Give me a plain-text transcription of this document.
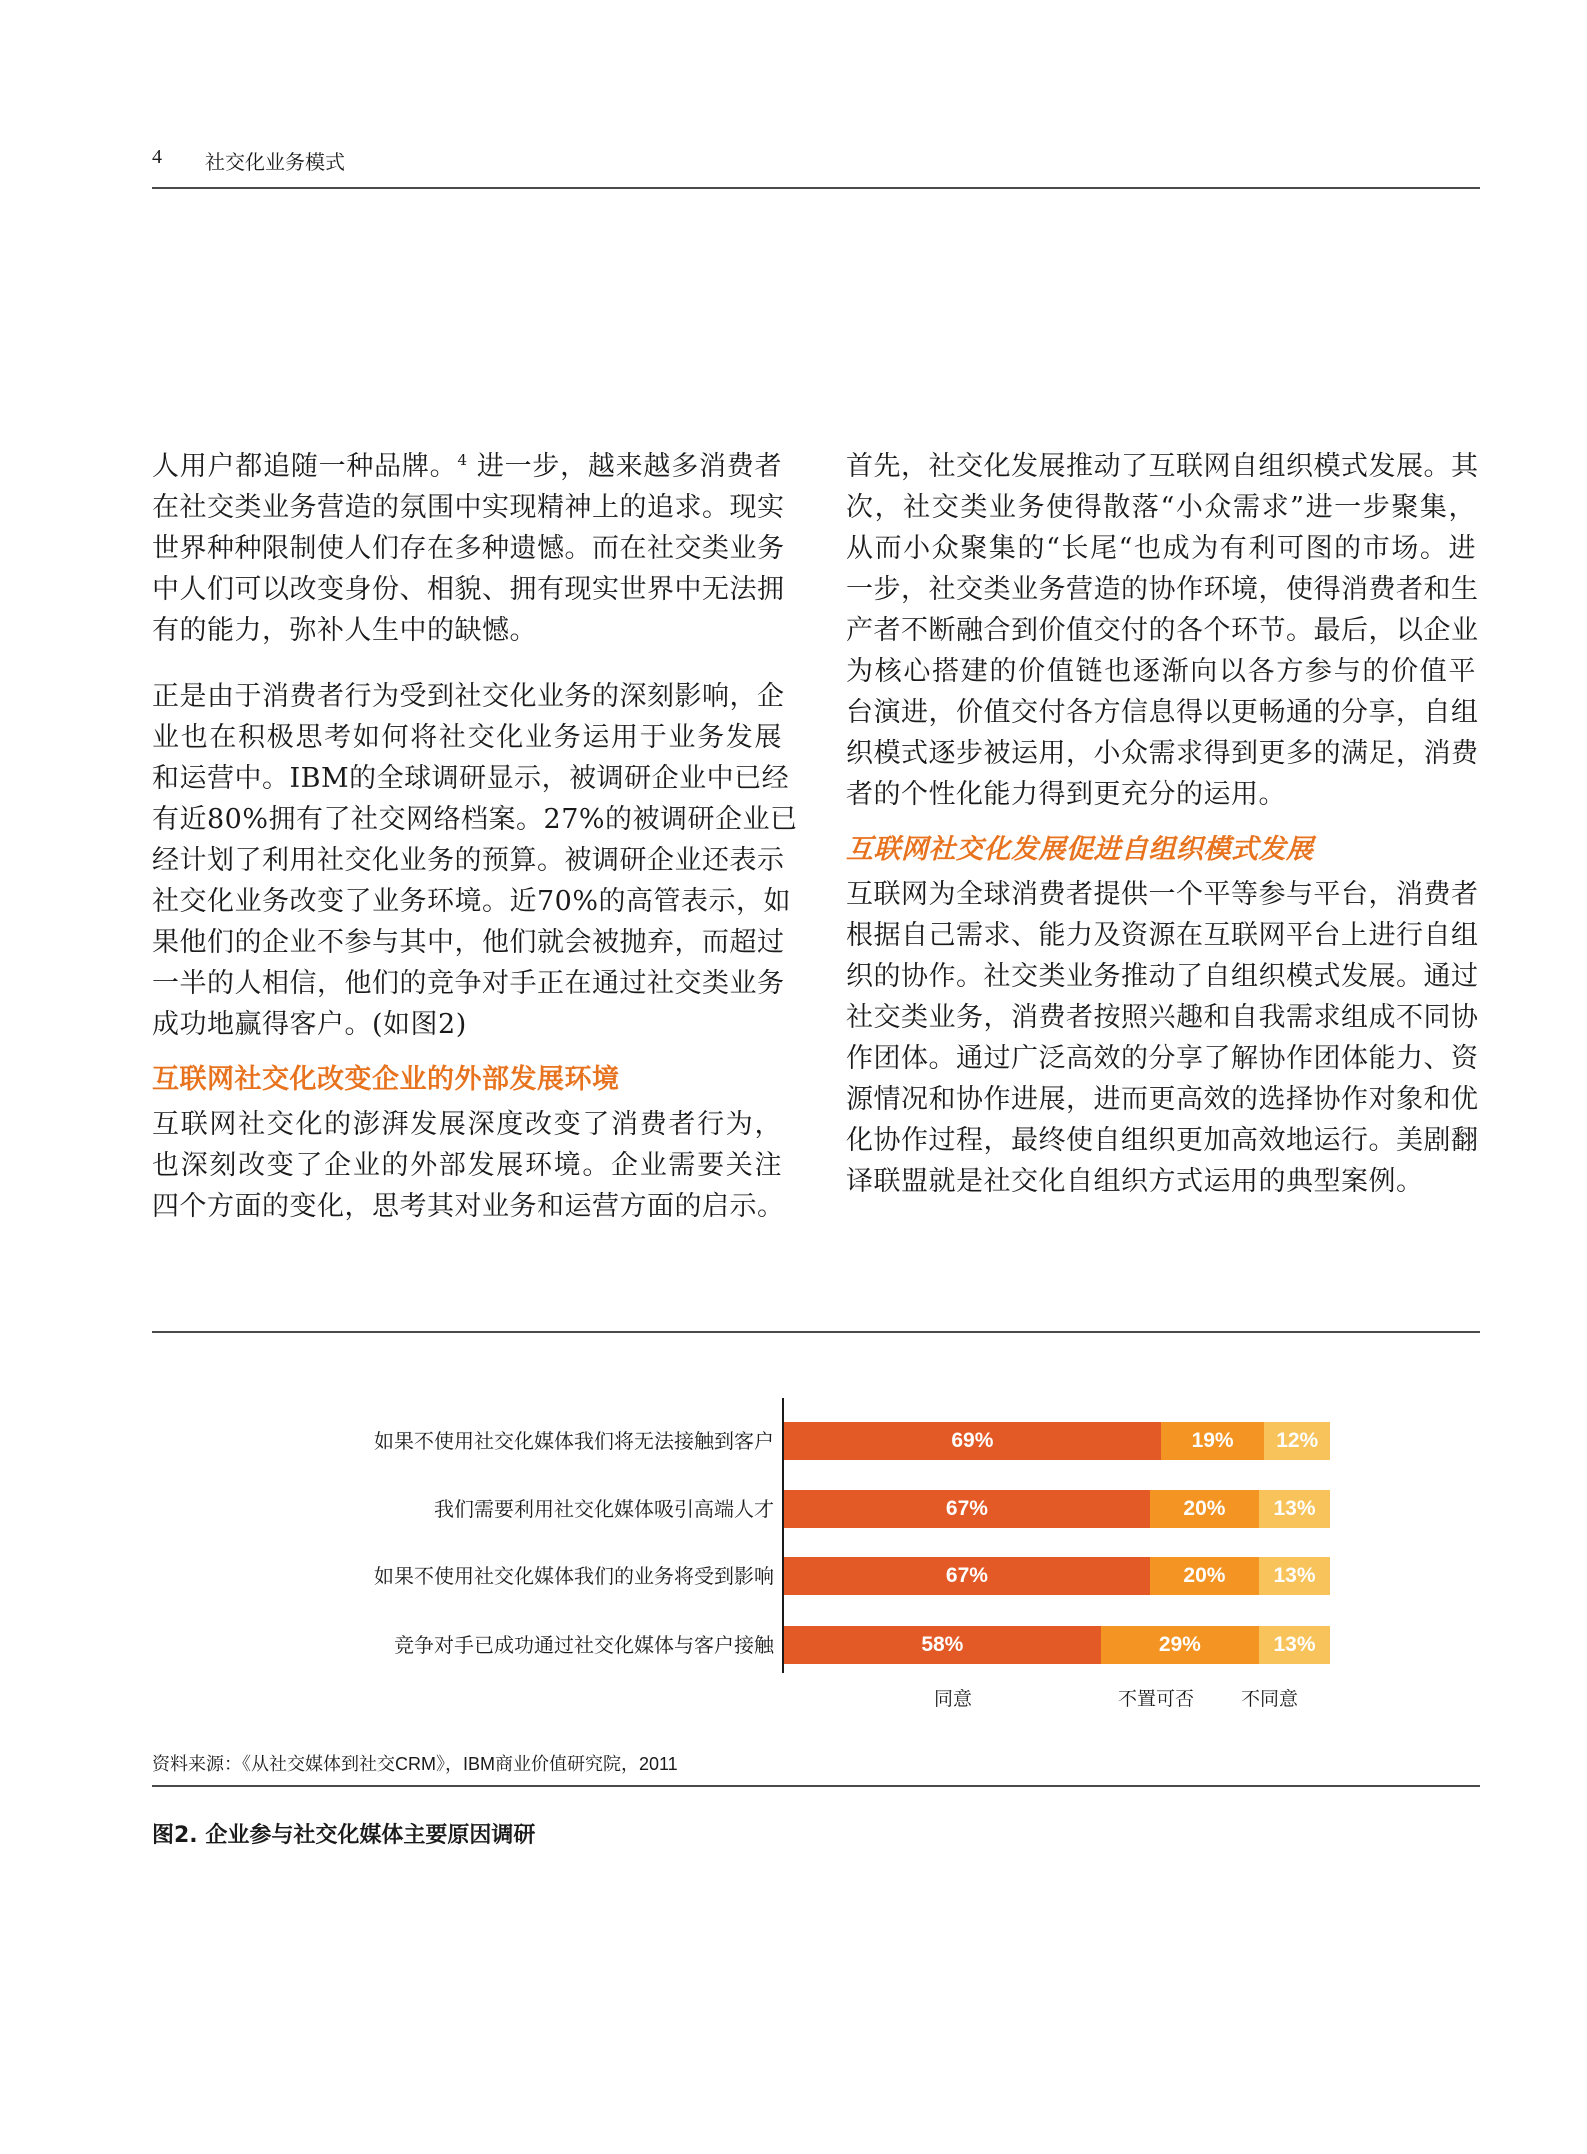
4 社交化业务模式

人用户都追随一种品牌。$^4$ 进一步，越来越多消费者
在社交类业务营造的氛围中实现精神上的追求。现实
世界种种限制使人们存在多种遗憾。而在社交类业务
中人们可以改变身份、相貌、拥有现实世界中无法拥
有的能力，弥补人生中的缺憾。

正是由于消费者行为受到社交化业务的深刻影响，企
业也在积极思考如何将社交化业务运用于业务发展
和运营中。IBM的全球调研显示，被调研企业中已经
有近80%拥有了社交网络档案。27%的被调研企业已
经计划了利用社交化业务的预算。被调研企业还表示
社交化业务改变了业务环境。近70%的高管表示，如
果他们的企业不参与其中，他们就会被抛弃，而超过
一半的人相信，他们的竞争对手正在通过社交类业务
成功地赢得客户。(如图2)

互联网社交化改变企业的外部发展环境

互联网社交化的澎湃发展深度改变了消费者行为，
也深刻改变了企业的外部发展环境。企业需要关注
四个方面的变化，思考其对业务和运营方面的启示。

首先，社交化发展推动了互联网自组织模式发展。其
次，社交类业务使得散落“小众需求”进一步聚集，
从而小众聚集的“长尾“也成为有利可图的市场。进
一步，社交类业务营造的协作环境，使得消费者和生
产者不断融合到价值交付的各个环节。最后，以企业
为核心搭建的价值链也逐渐向以各方参与的价值平
台演进，价值交付各方信息得以更畅通的分享，自组
织模式逐步被运用，小众需求得到更多的满足，消费
者的个性化能力得到更充分的运用。

互联网社交化发展促进自组织模式发展

互联网为全球消费者提供一个平等参与平台，消费者
根据自己需求、能力及资源在互联网平台上进行自组
织的协作。社交类业务推动了自组织模式发展。通过
社交类业务，消费者按照兴趣和自我需求组成不同协
作团体。通过广泛高效的分享了解协作团体能力、资
源情况和协作进展，进而更高效的选择协作对象和优
化协作过程，最终使自组织更加高效地运行。美剧翻
译联盟就是社交化自组织方式运用的典型案例。

如果不使用社交化媒体我们将无法接触到客户	69%	19%	12%
我们需要利用社交化媒体吸引高端人才	67%	20%	13%
如果不使用社交化媒体我们的业务将受到影响	67%	20%	13%
竞争对手已成功通过社交化媒体与客户接触	58%	29%	13%
同意	不置可否 不同意
资料来源：《从社交媒体到社交CRM》，IBM商业价值研究院，2011
图2. 企业参与社交化媒体主要原因调研
